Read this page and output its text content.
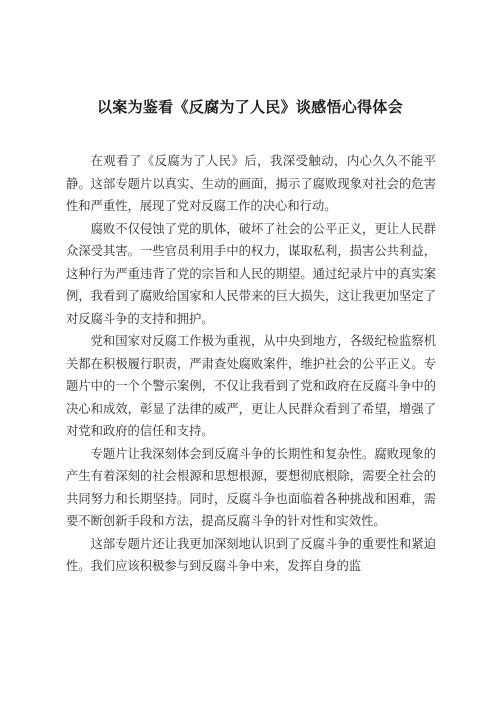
以案为鉴看《反腐为了人民》谈感悟心得体会

在观看了《反腐为了人民》后，我深受触动，内心久久不能平静。这部专题片以真实、生动的画面，揭示了腐败现象对社会的危害性和严重性，展现了党对反腐工作的决心和行动。

腐败不仅侵蚀了党的肌体，破坏了社会的公平正义，更让人民群众深受其害。一些官员利用手中的权力，谋取私利，损害公共利益，这种行为严重违背了党的宗旨和人民的期望。通过纪录片中的真实案例，我看到了腐败给国家和人民带来的巨大损失，这让我更加坚定了对反腐斗争的支持和拥护。

党和国家对反腐工作极为重视，从中央到地方，各级纪检监察机关都在积极履行职责，严肃查处腐败案件，维护社会的公平正义。专题片中的一个个警示案例，不仅让我看到了党和政府在反腐斗争中的决心和成效，彰显了法律的威严，更让人民群众看到了希望，增强了对党和政府的信任和支持。

专题片让我深刻体会到反腐斗争的长期性和复杂性。腐败现象的产生有着深刻的社会根源和思想根源，要想彻底根除，需要全社会的共同努力和长期坚持。同时，反腐斗争也面临着各种挑战和困难，需要不断创新手段和方法，提高反腐斗争的针对性和实效性。

这部专题片还让我更加深刻地认识到了反腐斗争的重要性和紧迫性。我们应该积极参与到反腐斗争中来，发挥自身的监
